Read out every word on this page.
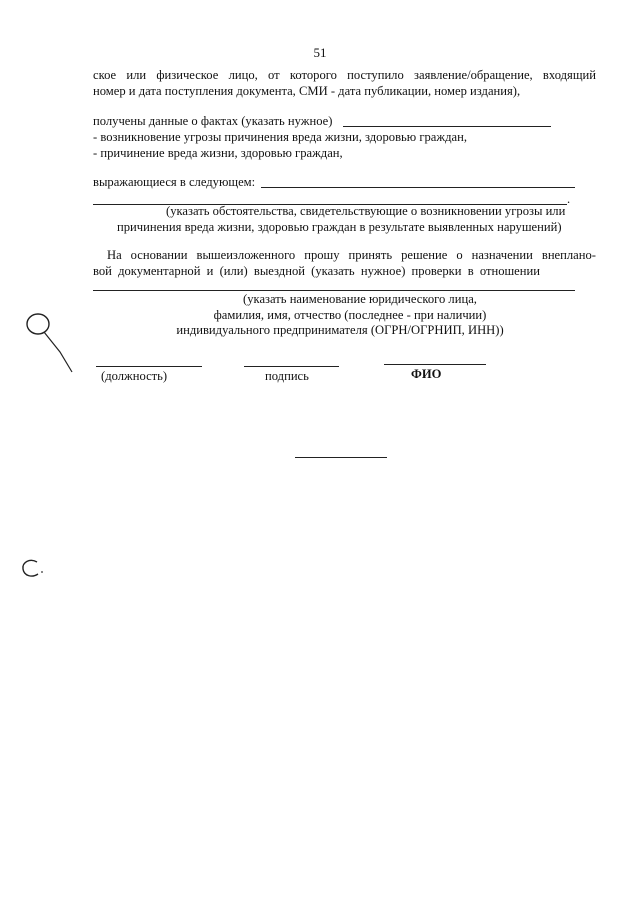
51
ское или физическое лицо, от которого поступило заявление/обращение, входящий
номер и дата поступления документа, СМИ - дата публикации, номер издания),
получены данные о фактах (указать нужное)
- возникновение угрозы причинения вреда жизни, здоровью граждан,
- причинение вреда жизни, здоровью граждан,
выражающиеся в следующем:
.
(указать обстоятельства, свидетельствующие о возникновении угрозы или
причинения вреда жизни, здоровью граждан в результате выявленных нарушений)
На основании вышеизложенного прошу принять решение о назначении внеплано-
вой документарной и (или) выездной (указать нужное) проверки в отношении
(указать наименование юридического лица,
фамилия, имя, отчество (последнее - при наличии)
индивидуального предпринимателя (ОГРН/ОГРНИП, ИНН))
(должность)	подпись	ФИО
